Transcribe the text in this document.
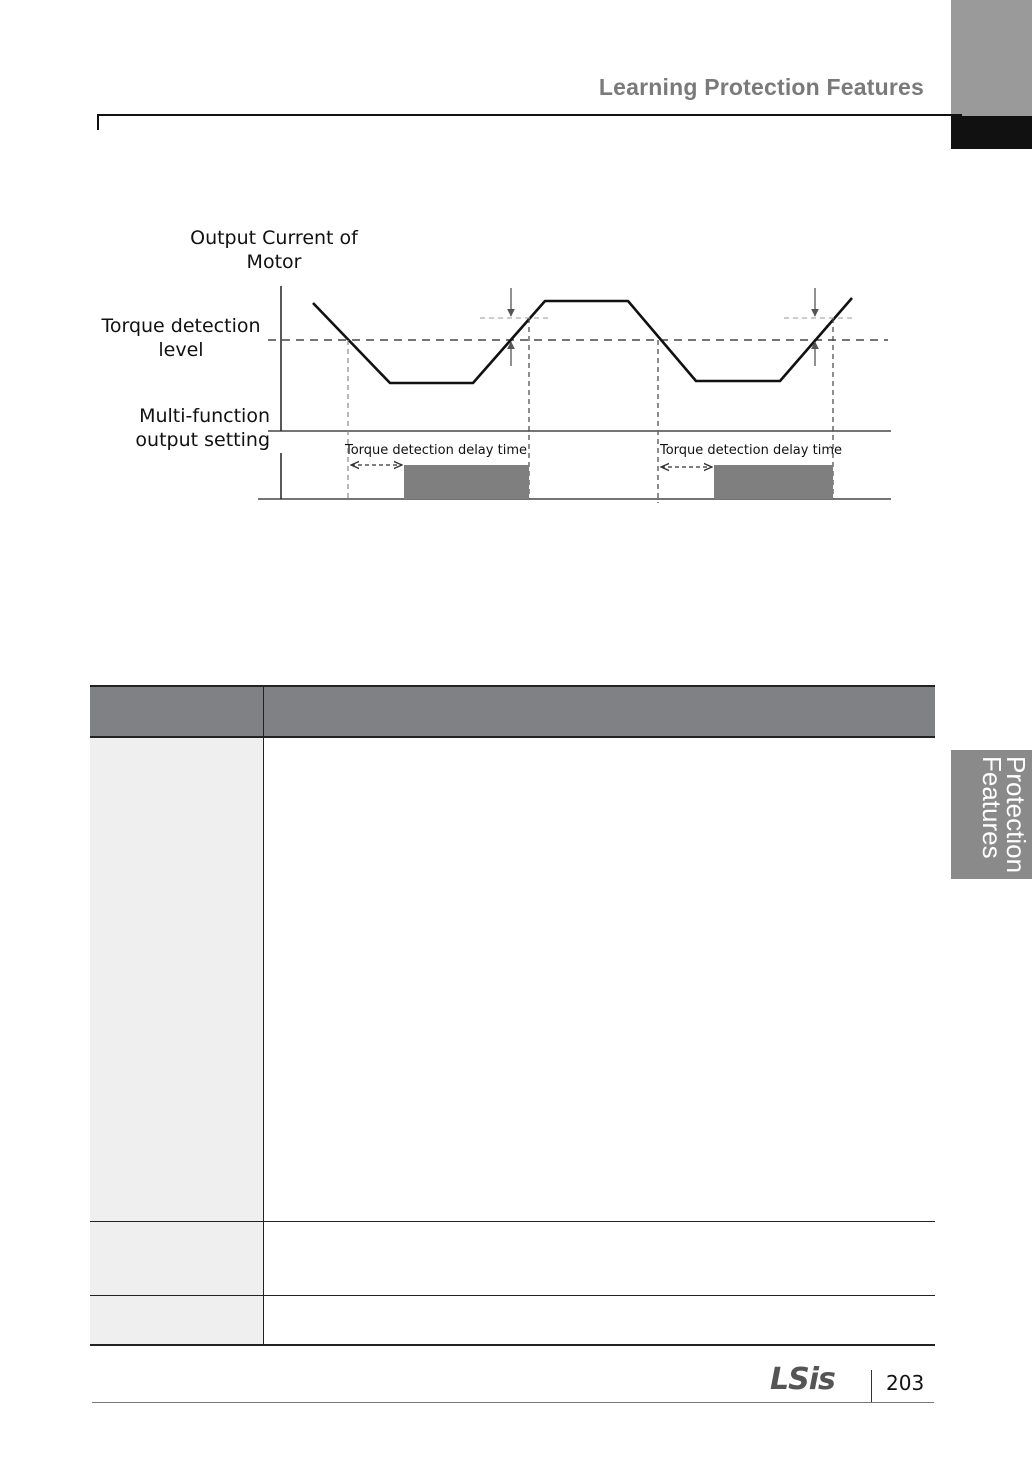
Learning Protection Features
Protection
Features
Output Current of
Motor
Torque detection
level
Multi-function
output setting	Torque detection delay time	Torque detection delay time
LSis	203
